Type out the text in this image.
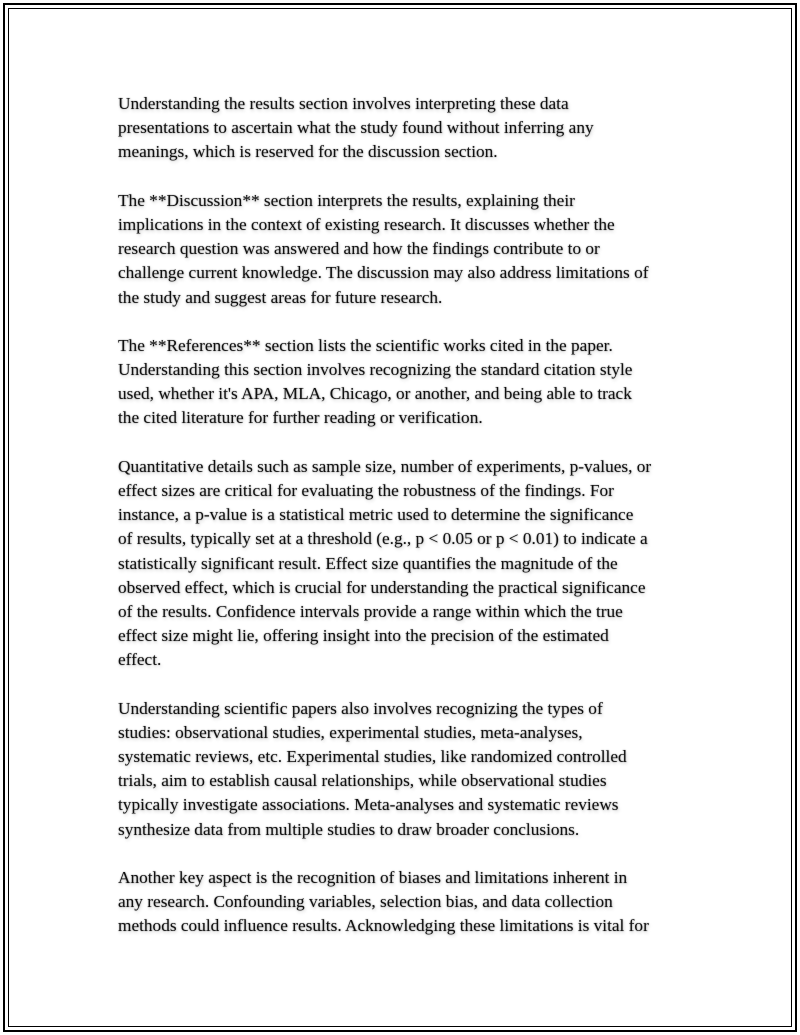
Understanding the results section involves interpreting these data
presentations to ascertain what the study found without inferring any
meanings, which is reserved for the discussion section.

The **Discussion** section interprets the results, explaining their
implications in the context of existing research. It discusses whether the
research question was answered and how the findings contribute to or
challenge current knowledge. The discussion may also address limitations of
the study and suggest areas for future research.

The **References** section lists the scientific works cited in the paper.
Understanding this section involves recognizing the standard citation style
used, whether it's APA, MLA, Chicago, or another, and being able to track
the cited literature for further reading or verification.

Quantitative details such as sample size, number of experiments, p-values, or
effect sizes are critical for evaluating the robustness of the findings. For
instance, a p-value is a statistical metric used to determine the significance
of results, typically set at a threshold (e.g., p < 0.05 or p < 0.01) to indicate a
statistically significant result. Effect size quantifies the magnitude of the
observed effect, which is crucial for understanding the practical significance
of the results. Confidence intervals provide a range within which the true
effect size might lie, offering insight into the precision of the estimated
effect.

Understanding scientific papers also involves recognizing the types of
studies: observational studies, experimental studies, meta-analyses,
systematic reviews, etc. Experimental studies, like randomized controlled
trials, aim to establish causal relationships, while observational studies
typically investigate associations. Meta-analyses and systematic reviews
synthesize data from multiple studies to draw broader conclusions.

Another key aspect is the recognition of biases and limitations inherent in
any research. Confounding variables, selection bias, and data collection
methods could influence results. Acknowledging these limitations is vital for
